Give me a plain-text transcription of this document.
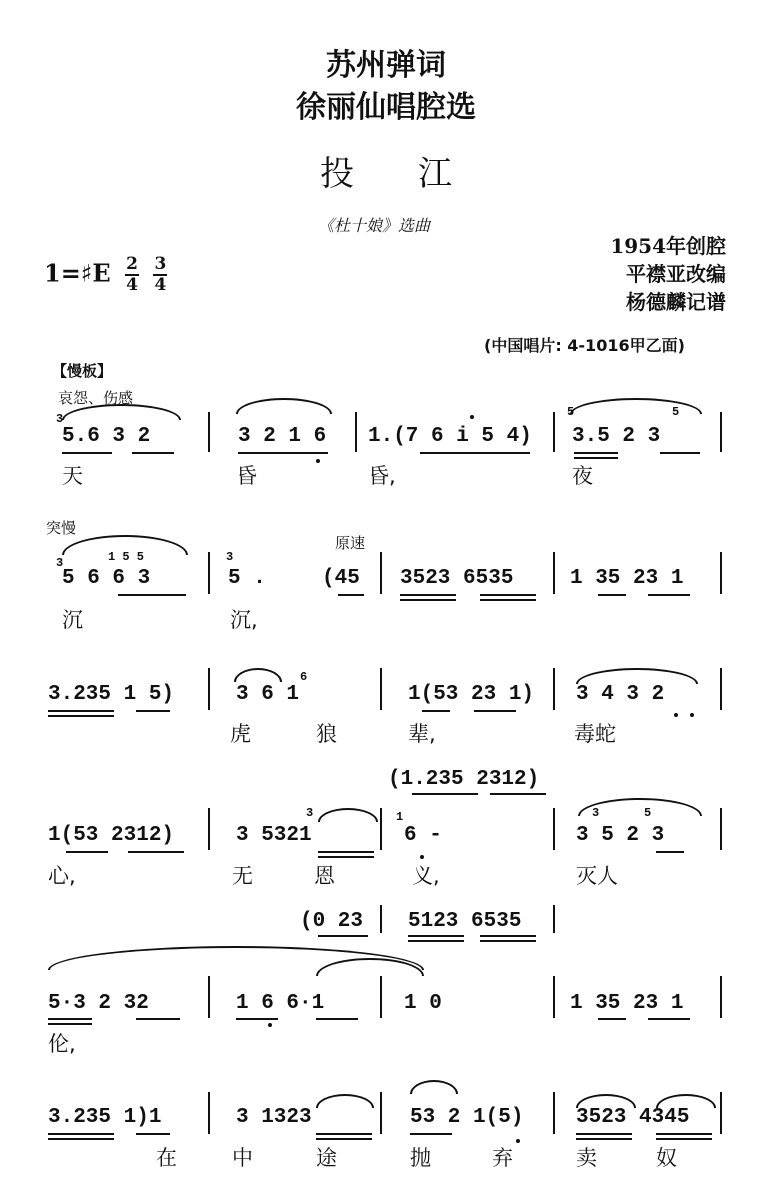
苏州弹词
徐丽仙唱腔选
投江
《杜十娘》选曲
1954年创腔
平襟亚改编
杨德麟记谱
1=♯E $\frac{2}{4}$
$\frac{3}{4}$
(中国唱片: 4-1016甲乙面)
【慢板】
哀怨、伤感
突慢
原速
3	5	5
5.6 3 2	3 2 1 6 1.(7 6 i 5 4) 3.5 2 3
天	昏	昏,	夜
3	1 5 5	3
5 6 6 3	5 .	(45 3523 6535	1 35 23 1
沉	沉,
6
3.235 1 5)	3 6 1	1(53 23 1) 3 4 3 2
虎	狼	辈,	毒蛇
(1.235 2312)
3	1	3	5
1(53 2312)	3 5321	6 -	3 5 2 3
心,	无	恩	义,	灭人
(0 23 5123 6535
5·3 2 32	1 6 6·1	1 0	1 35 23 1
伦,
3.235 1)1	3 1323	53 2 1(5)	3523 4345
在	中	途	抛	弃	卖	奴
